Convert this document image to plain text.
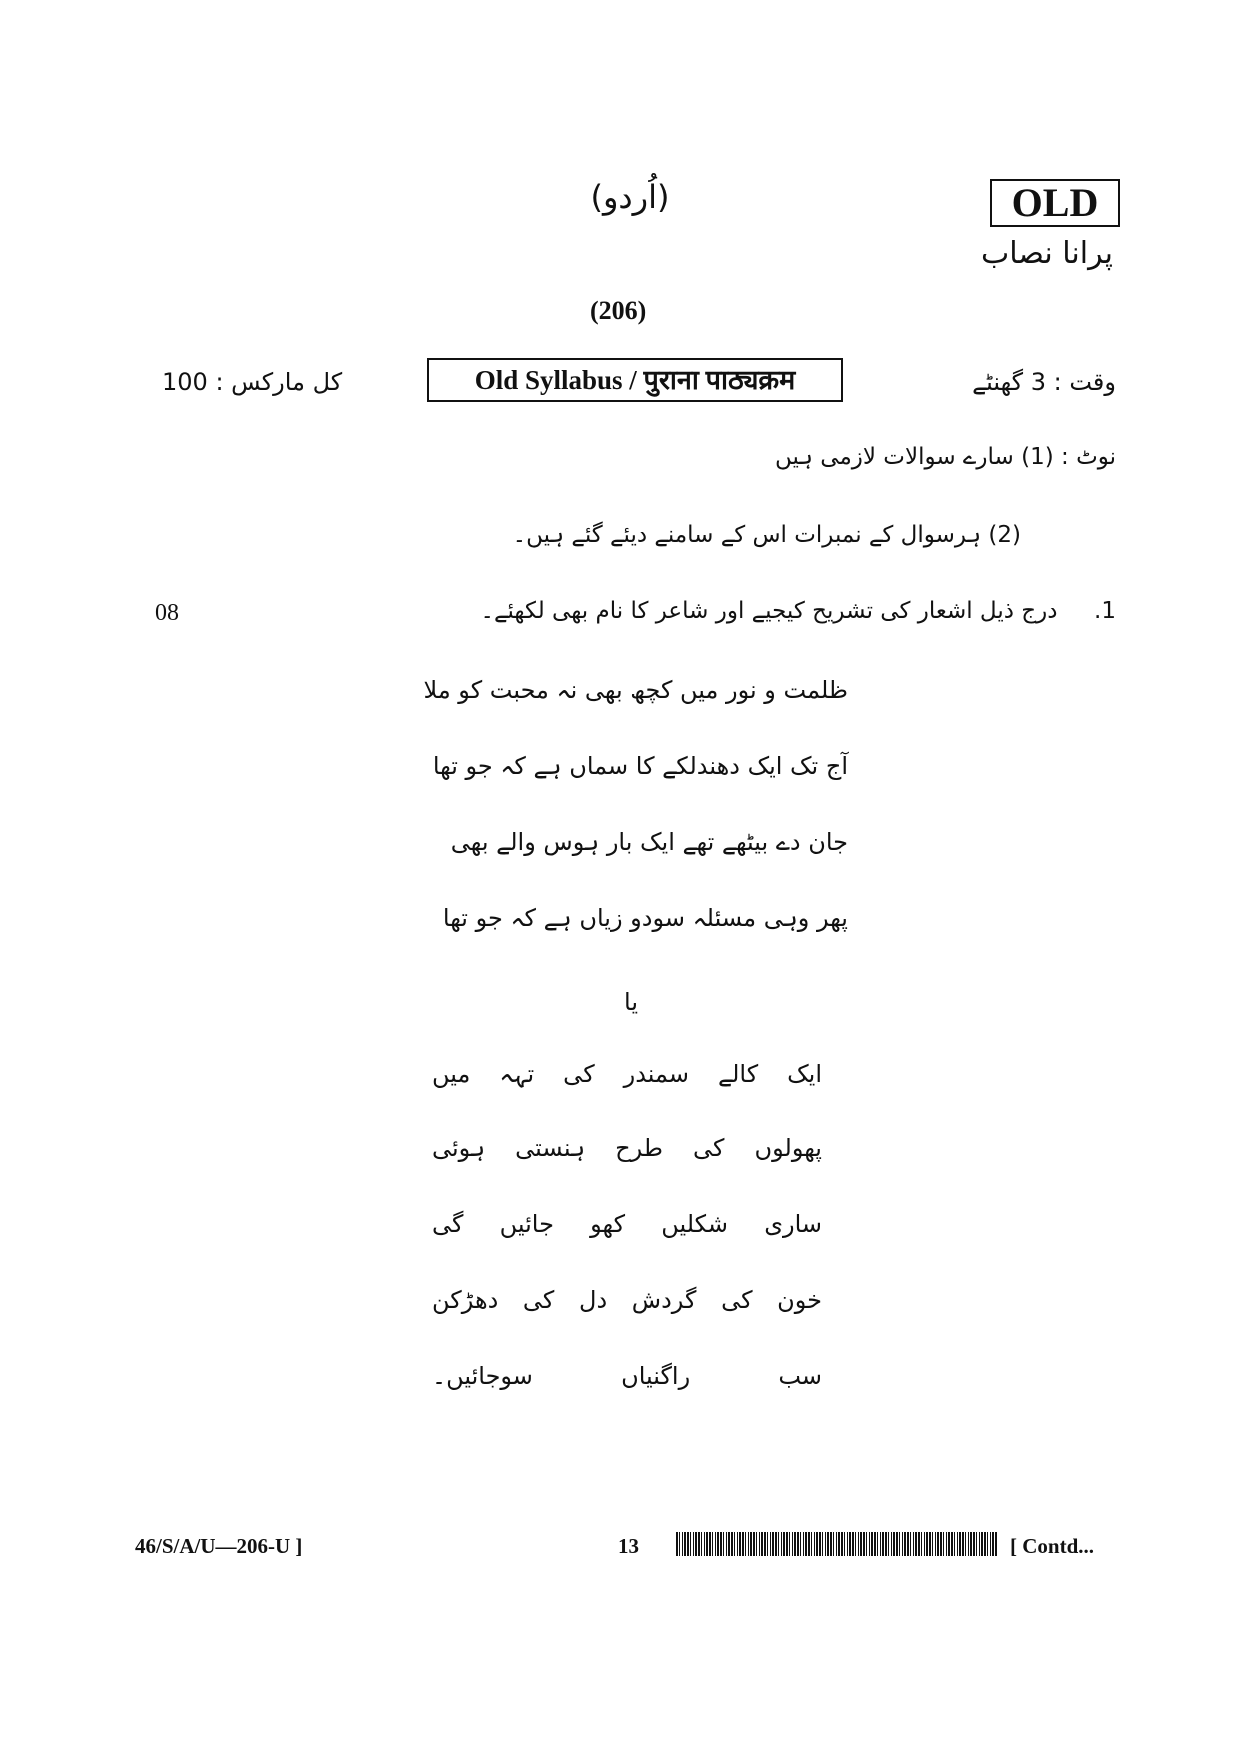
(اُردو)	OLD
پرانا نصاب
(206)
کل مارکس : 100	Old Syllabus / पुराना पाठ्यक्रम	وقت : 3 گھنٹے
نوٹ : (1) سارے سوالات لازمی ہیں
(2) ہرسوال کے نمبرات اس کے سامنے دیئے گئے ہیں۔
08	1.     درج ذیل اشعار کی تشریح کیجیے اور شاعر کا نام بھی لکھئے۔
ظلمت و نور میں کچھ بھی نہ محبت کو ملا
آج تک ایک دھندلکے کا سماں ہے کہ جو تھا
جان دے بیٹھے تھے ایک بار ہوس والے بھی
پھر وہی مسئلہ سودو زیاں ہے کہ جو تھا
یا
ایک کالے سمندر کی تہہ میں
پھولوں کی طرح ہنستی ہوئی
ساری شکلیں کھو جائیں گی
خون کی گردش دل کی دھڑکن
سب راگنیاں سوجائیں۔
46/S/A/U—206-U ]	13	[ Contd...
